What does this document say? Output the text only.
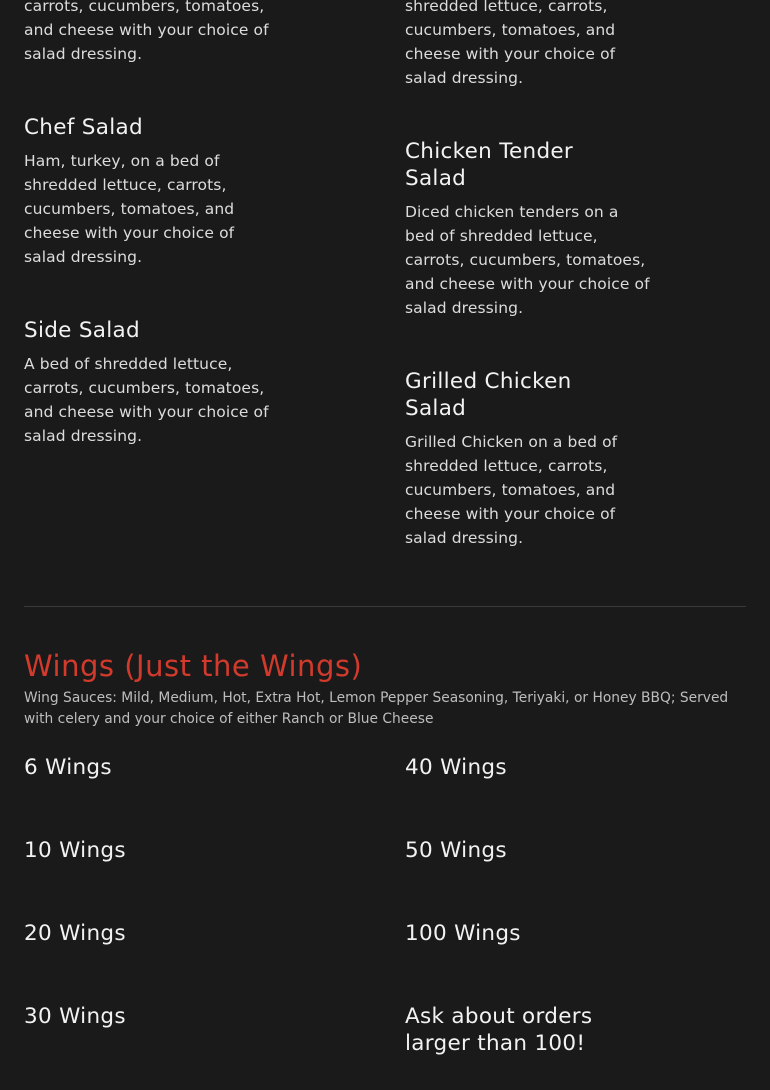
carrots, cucumbers, tomatoes, and cheese with your choice of salad dressing.

Chef Salad

Ham, turkey, on a bed of shredded lettuce, carrots, cucumbers, tomatoes, and cheese with your choice of salad dressing.

Side Salad

A bed of shredded lettuce, carrots, cucumbers, tomatoes, and cheese with your choice of salad dressing.

shredded lettuce, carrots, cucumbers, tomatoes, and cheese with your choice of salad dressing.

Chicken Tender Salad

Diced chicken tenders on a bed of shredded lettuce, carrots, cucumbers, tomatoes, and cheese with your choice of salad dressing.

Grilled Chicken Salad

Grilled Chicken on a bed of shredded lettuce, carrots, cucumbers, tomatoes, and cheese with your choice of salad dressing.

Wings (Just the Wings)

Wing Sauces: Mild, Medium, Hot, Extra Hot, Lemon Pepper Seasoning, Teriyaki, or Honey BBQ; Served with celery and your choice of either Ranch or Blue Cheese

6 Wings
10 Wings
20 Wings
30 Wings
40 Wings
50 Wings
100 Wings
Ask about orders larger than 100!
